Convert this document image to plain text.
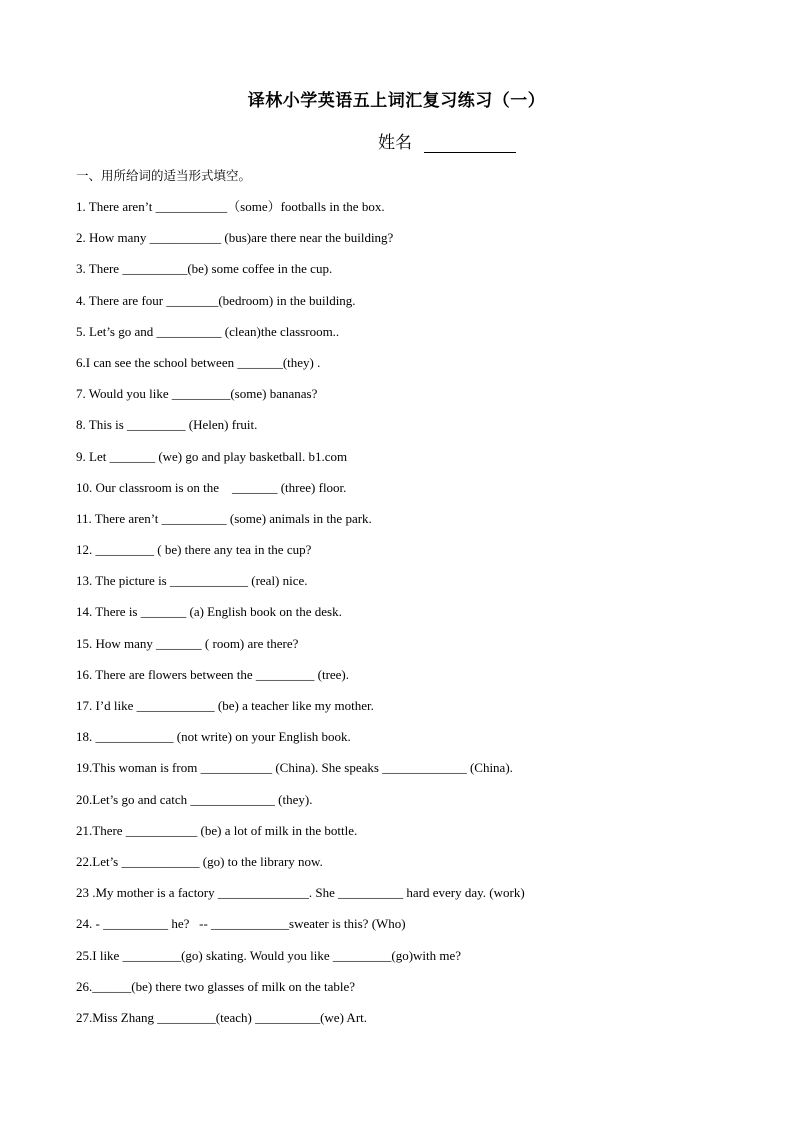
译林小学英语五上词汇复习练习（一）
姓名
一、用所给词的适当形式填空。
1. There aren’t ___________（some）footballs in the box.
2. How many ___________ (bus)are there near the building?
3. There __________(be) some coffee in the cup.
4. There are four ________(bedroom) in the building.
5. Let’s go and __________ (clean)the classroom..
6.I can see the school between _______(they) .
7. Would you like _________(some) bananas?
8. This is _________ (Helen) fruit.
9. Let _______ (we) go and play basketball. b1.com
10. Our classroom is on the    _______ (three) floor.
11. There aren’t __________ (some) animals in the park.
12. _________ ( be) there any tea in the cup?
13. The picture is ____________ (real) nice.
14. There is _______ (a) English book on the desk.
15. How many _______ ( room) are there?
16. There are flowers between the _________ (tree).
17. I’d like ____________ (be) a teacher like my mother.
18. ____________ (not write) on your English book.
19.This woman is from ___________ (China). She speaks _____________ (China).
20.Let’s go and catch _____________ (they).
21.There ___________ (be) a lot of milk in the bottle.
22.Let’s ____________ (go) to the library now.
23 .My mother is a factory ______________. She __________ hard every day. (work)
24. - __________ he?   -- ____________sweater is this? (Who)
25.I like _________(go) skating. Would you like _________(go)with me?
26.______(be) there two glasses of milk on the table?
27.Miss Zhang _________(teach) __________(we) Art.
